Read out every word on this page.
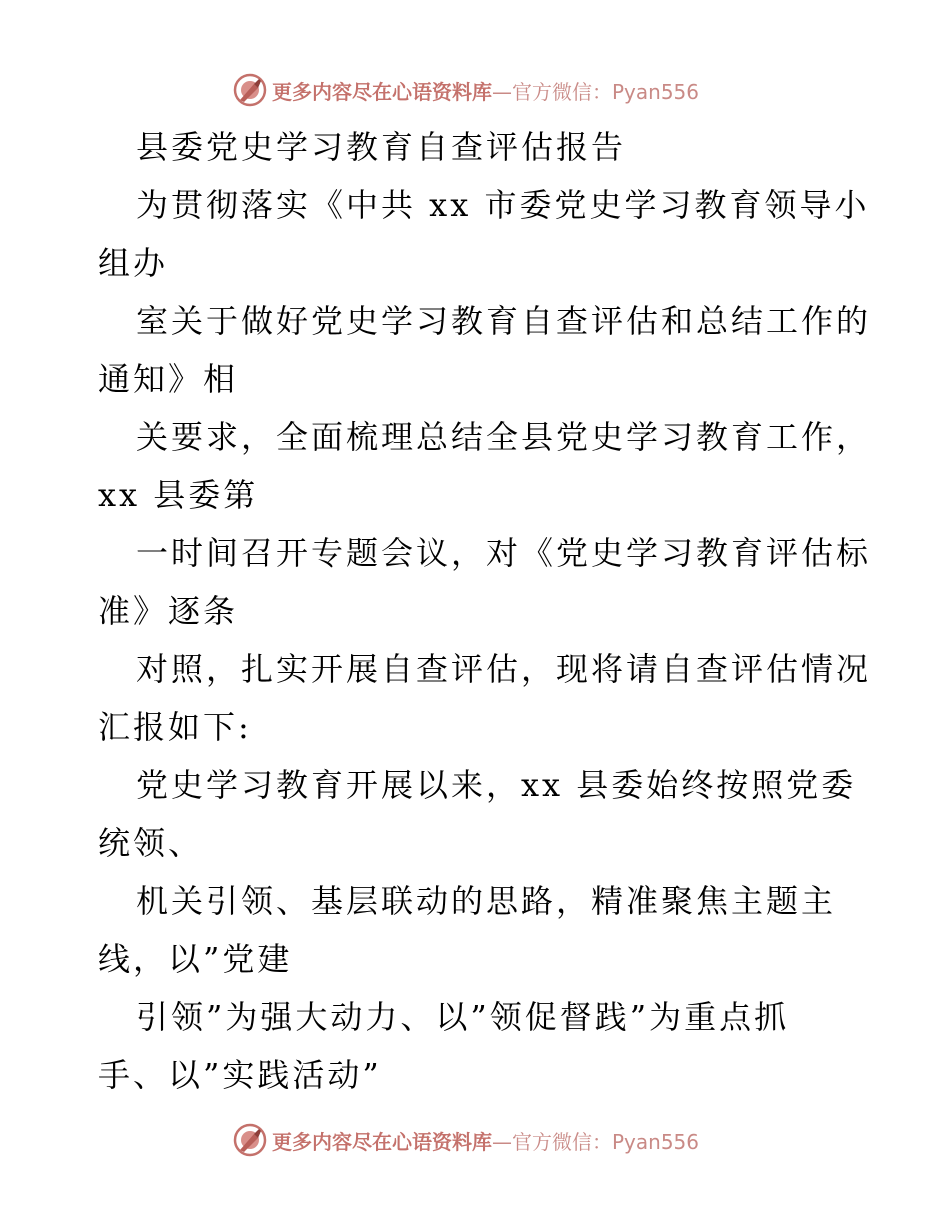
更多内容尽在心语资料库—官方微信：Pyan556
县委党史学习教育自查评估报告
为贯彻落实《中共 xx 市委党史学习教育领导小
组办
室关于做好党史学习教育自查评估和总结工作的
通知》相
关要求，全面梳理总结全县党史学习教育工作，
xx 县委第
一时间召开专题会议，对《党史学习教育评估标
准》逐条
对照，扎实开展自查评估，现将请自查评估情况
汇报如下:
党史学习教育开展以来，xx 县委始终按照党委
统领、
机关引领、基层联动的思路，精准聚焦主题主
线，以”党建
引领”为强大动力、以”领促督践”为重点抓
手、以”实践活动”
更多内容尽在心语资料库—官方微信：Pyan556
